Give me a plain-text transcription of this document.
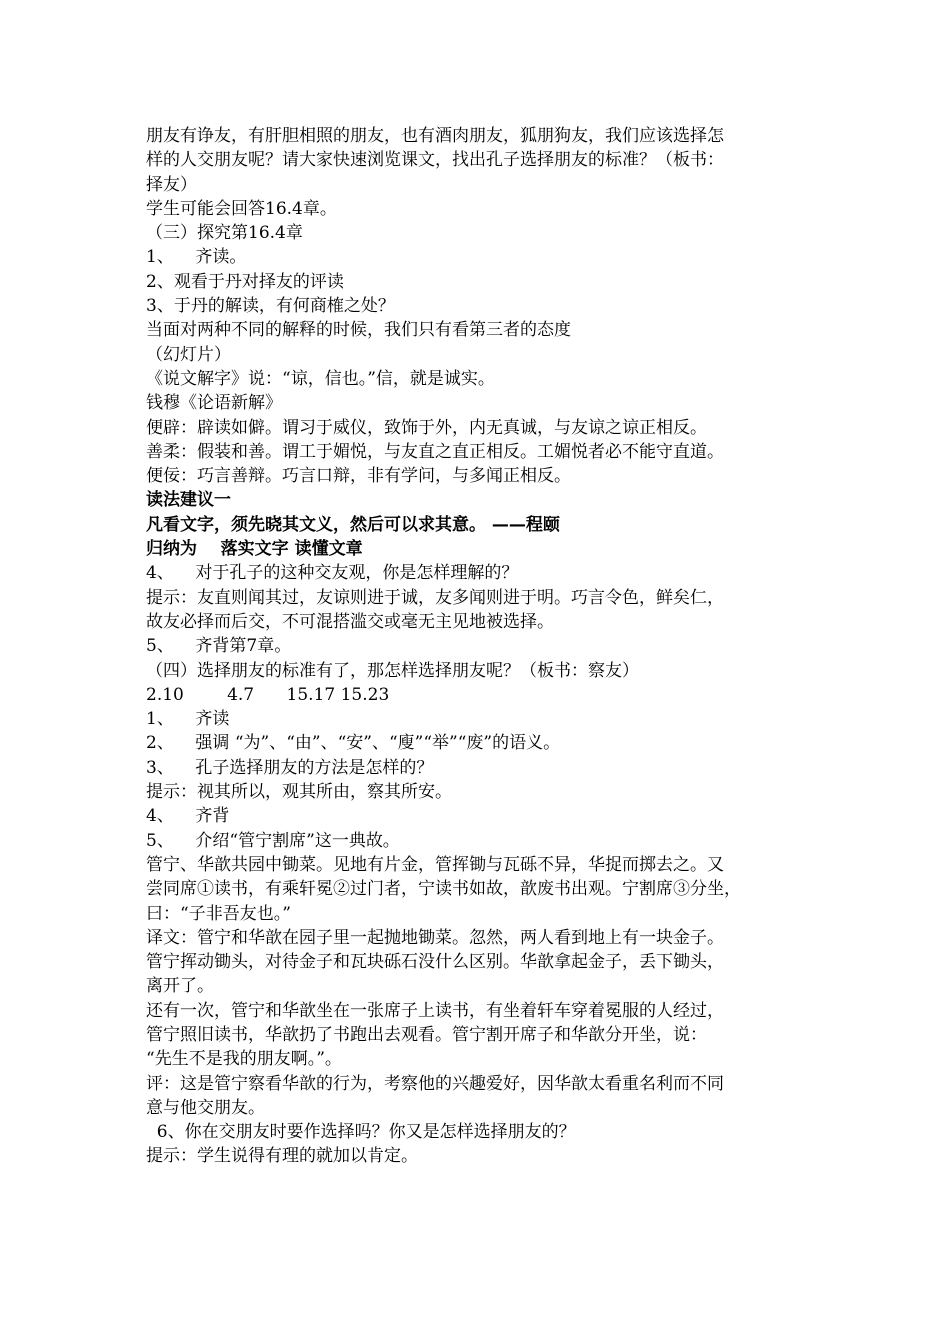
朋友有诤友，有肝胆相照的朋友，也有酒肉朋友，狐朋狗友，我们应该选择怎

样的人交朋友呢？请大家快速浏览课文，找出孔子选择朋友的标准？（板书：

择友）

学生可能会回答16.4章。

（三）探究第16.4章

1、    齐读。

2、观看于丹对择友的评读

3、于丹的解读，有何商榷之处？

当面对两种不同的解释的时候，我们只有看第三者的态度

（幻灯片）

《说文解字》说：“谅，信也。”信，就是诚实。

钱穆《论语新解》

便辟：辟读如僻。谓习于威仪，致饰于外，内无真诚，与友谅之谅正相反。

善柔：假装和善。谓工于媚悦，与友直之直正相反。工媚悦者必不能守直道。

便佞：巧言善辩。巧言口辩，非有学问，与多闻正相反。

读法建议一

凡看文字，须先晓其文义，然后可以求其意。 ——程颐

归纳为    落实文字 读懂文章

4、    对于孔子的这种交友观，你是怎样理解的？

提示：友直则闻其过，友谅则进于诚，友多闻则进于明。巧言令色，鲜矣仁，

故友必择而后交，不可混搭滥交或毫无主见地被选择。

5、    齐背第7章。

（四）选择朋友的标准有了，那怎样选择朋友呢？（板书：察友）

2.10        4.7      15.17 15.23

1、    齐读

2、    强调 “为”、“由”、“安”、“廋”“举”“废”的语义。

3、    孔子选择朋友的方法是怎样的？

提示：视其所以，观其所由，察其所安。

4、    齐背

5、    介绍“管宁割席”这一典故。

管宁、华歆共园中锄菜。见地有片金，管挥锄与瓦砾不异，华捉而掷去之。又

尝同席①读书，有乘轩冕②过门者，宁读书如故，歆废书出观。宁割席③分坐，

曰：“子非吾友也。”

译文：管宁和华歆在园子里一起抛地锄菜。忽然，两人看到地上有一块金子。

管宁挥动锄头，对待金子和瓦块砾石没什么区别。华歆拿起金子，丢下锄头，

离开了。

还有一次，管宁和华歆坐在一张席子上读书，有坐着轩车穿着冕服的人经过，

管宁照旧读书，华歆扔了书跑出去观看。管宁割开席子和华歆分开坐，说：

“先生不是我的朋友啊。”。

评：这是管宁察看华歆的行为，考察他的兴趣爱好，因华歆太看重名利而不同

意与他交朋友。

6、你在交朋友时要作选择吗？你又是怎样选择朋友的？

提示：学生说得有理的就加以肯定。
